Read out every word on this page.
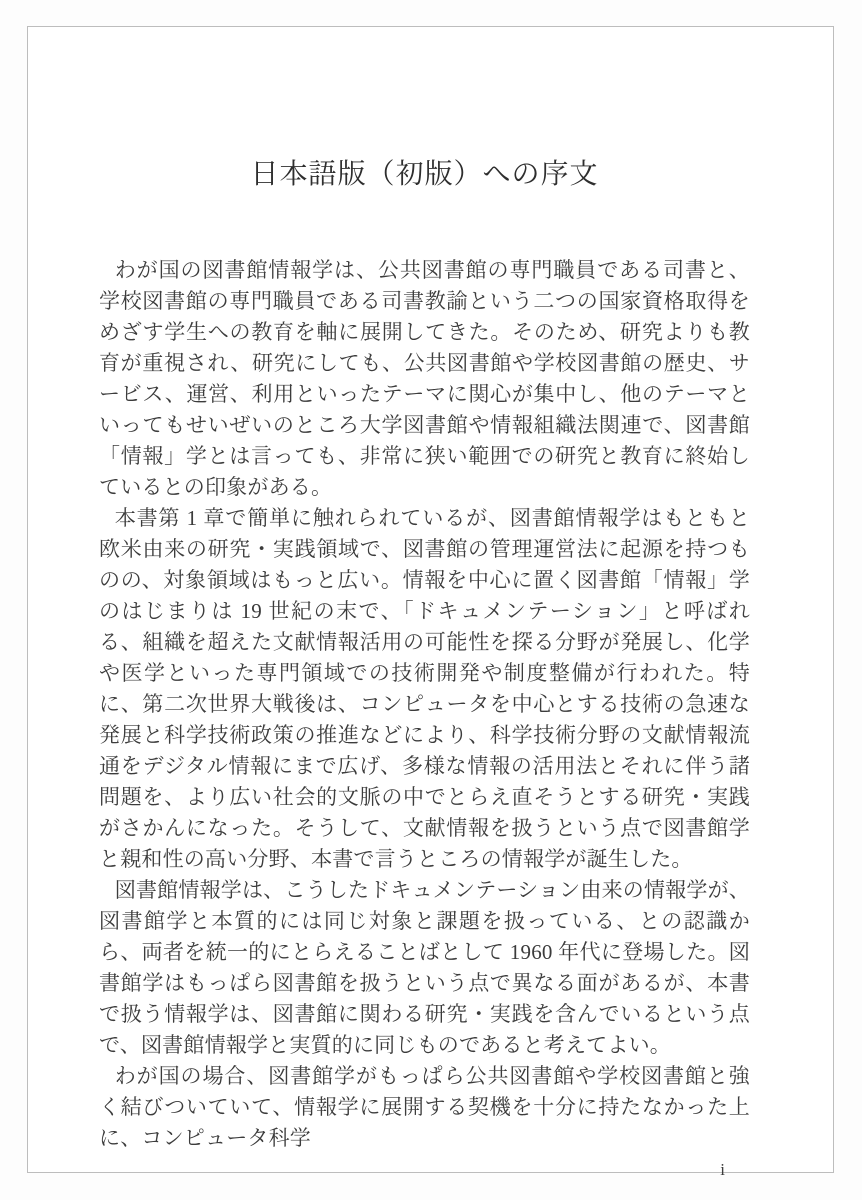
日本語版（初版）への序文

わが国の図書館情報学は、公共図書館の専門職員である司書と、学校図書館の専門職員である司書教諭という二つの国家資格取得をめざす学生への教育を軸に展開してきた。そのため、研究よりも教育が重視され、研究にしても、公共図書館や学校図書館の歴史、サービス、運営、利用といったテーマに関心が集中し、他のテーマといってもせいぜいのところ大学図書館や情報組織法関連で、図書館「情報」学とは言っても、非常に狭い範囲での研究と教育に終始しているとの印象がある。

本書第 1 章で簡単に触れられているが、図書館情報学はもともと欧米由来の研究・実践領域で、図書館の管理運営法に起源を持つものの、対象領域はもっと広い。情報を中心に置く図書館「情報」学のはじまりは 19 世紀の末で、「ドキュメンテーション」と呼ばれる、組織を超えた文献情報活用の可能性を探る分野が発展し、化学や医学といった専門領域での技術開発や制度整備が行われた。特に、第二次世界大戦後は、コンピュータを中心とする技術の急速な発展と科学技術政策の推進などにより、科学技術分野の文献情報流通をデジタル情報にまで広げ、多様な情報の活用法とそれに伴う諸問題を、より広い社会的文脈の中でとらえ直そうとする研究・実践がさかんになった。そうして、文献情報を扱うという点で図書館学と親和性の高い分野、本書で言うところの情報学が誕生した。

図書館情報学は、こうしたドキュメンテーション由来の情報学が、図書館学と本質的には同じ対象と課題を扱っている、との認識から、両者を統一的にとらえることばとして 1960 年代に登場した。図書館学はもっぱら図書館を扱うという点で異なる面があるが、本書で扱う情報学は、図書館に関わる研究・実践を含んでいるという点で、図書館情報学と実質的に同じものであると考えてよい。

わが国の場合、図書館学がもっぱら公共図書館や学校図書館と強く結びついていて、情報学に展開する契機を十分に持たなかった上に、コンピュータ科学

i
